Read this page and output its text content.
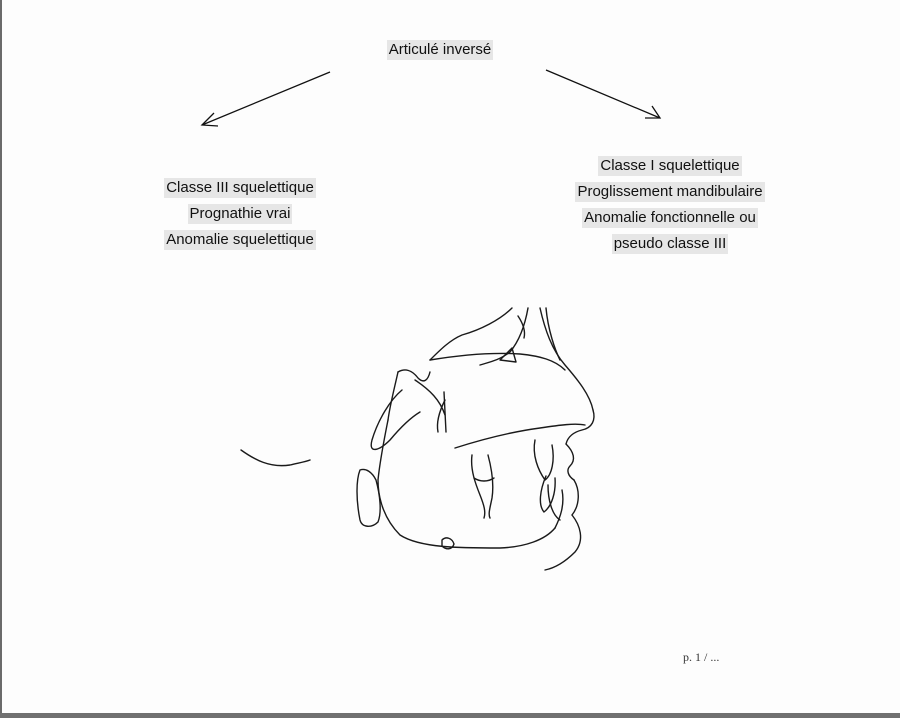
Articulé inversé
Classe III squelettique
Prognathie vrai
Anomalie squelettique
Classe I squelettique
Proglissement mandibulaire
Anomalie fonctionnelle ou
pseudo classe III
p. 1 / ...
